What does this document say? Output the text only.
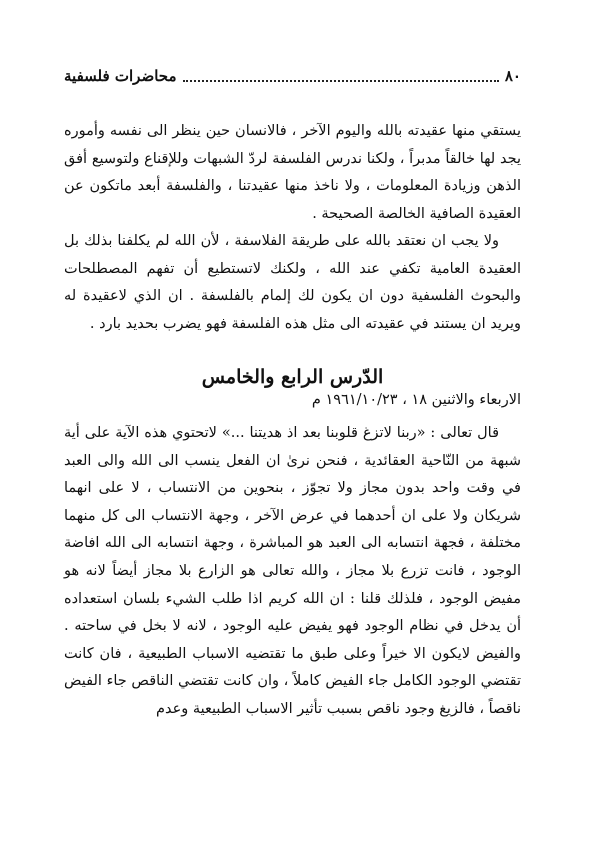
٨٠
محاضرات فلسفية

يستقي منها عقيدته بالله واليوم الآخر ، فالانسان حين ينظر الى نفسه وأموره يجد لها خالقاً مدبراً ، ولكنا ندرس الفلسفة لردّ الشبهات وللإقناع ولتوسيع أفق الذهن وزيادة المعلومات ، ولا ناخذ منها عقيدتنا ، والفلسفة أبعد ماتكون عن العقيدة الصافية الخالصة الصحيحة .

ولا يجب ان نعتقد بالله على طريقة الفلاسفة ، لأن الله لم يكلفنا بذلك بل العقيدة العامية تكفي عند الله ، ولكنك لاتستطيع أن تفهم المصطلحات والبحوث الفلسفية دون ان يكون لك إلمام بالفلسفة . ان الذي لاعقيدة له ويريد ان يستند في عقيدته الى مثل هذه الفلسفة فهو يضرب بحديد بارد .

الدّرس الرابع والخامس
الاربعاء والاثنين ١٨ ، ١٩٦١/١٠/٢٣ م

قال تعالى : «ربنا لاتزغ قلوبنا بعد اذ هديتنا ...» لاتحتوي هذه الآية على أية شبهة من النّاحية العقائدية ، فنحن نرىٰ ان الفعل ينسب الى الله والى العبد في وقت واحد بدون مجاز ولا تجوّز ، بنحوين من الانتساب ، لا على انهما شريكان ولا على ان أحدهما في عرض الآخر ، وجهة الانتساب الى كل منهما مختلفة ، فجهة انتسابه الى العبد هو المباشرة ، وجهة انتسابه الى الله افاضة الوجود ، فانت تزرع بلا مجاز ، والله تعالى هو الزارع بلا مجاز أيضاً لانه هو مفيض الوجود ، فلذلك قلنا : ان الله كريم اذا طلب الشيء بلسان استعداده أن يدخل في نظام الوجود فهو يفيض عليه الوجود ، لانه لا بخل في ساحته . والفيض لايكون الا خيراً وعلى طبق ما تقتضيه الاسباب الطبيعية ، فان كانت تقتضي الوجود الكامل جاء الفيض كاملاً ، وان كانت تقتضي الناقص جاء الفيض ناقصاً ، فالزيغ وجود ناقص بسبب تأثير الاسباب الطبيعية وعدم
